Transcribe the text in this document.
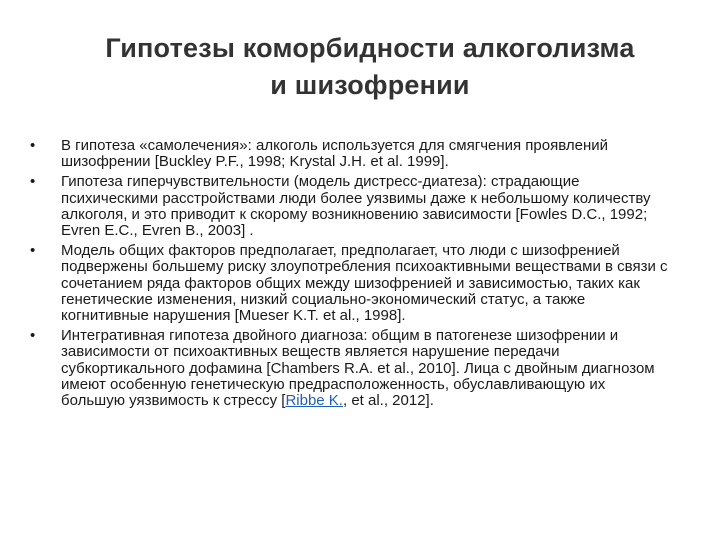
Гипотезы коморбидности алкоголизма
и шизофрении
•	В гипотеза «самолечения»: алкоголь используется для смягчения проявлений шизофрении [Buckley P.F., 1998; Krystal J.H. et al. 1999].
•	Гипотеза гиперчувствительности (модель дистресс-диатеза): страдающие психическими расстройствами люди более уязвимы даже к небольшому количеству алкоголя, и это приводит к скорому возникновению зависимости [Fowles D.C., 1992; Evren E.C., Evren B., 2003] .
•	Модель общих факторов предполагает, предполагает, что люди с шизофренией подвержены большему риску злоупотребления психоактивными веществами в связи с сочетанием ряда факторов общих между шизофренией и зависимостью, таких как генетические изменения, низкий социально-экономический статус, а также когнитивные нарушения [Mueser K.T. et al., 1998].
•	Интегративная гипотеза двойного диагноза: общим в патогенезе шизофрении и зависимости от психоактивных веществ является нарушение передачи субкортикального дофамина [Chambers R.A. et al., 2010]. Лица с двойным диагнозом имеют особенную генетическую предрасположенность, обуславливающую их большую уязвимость к стрессу [Ribbe K., et al., 2012].
